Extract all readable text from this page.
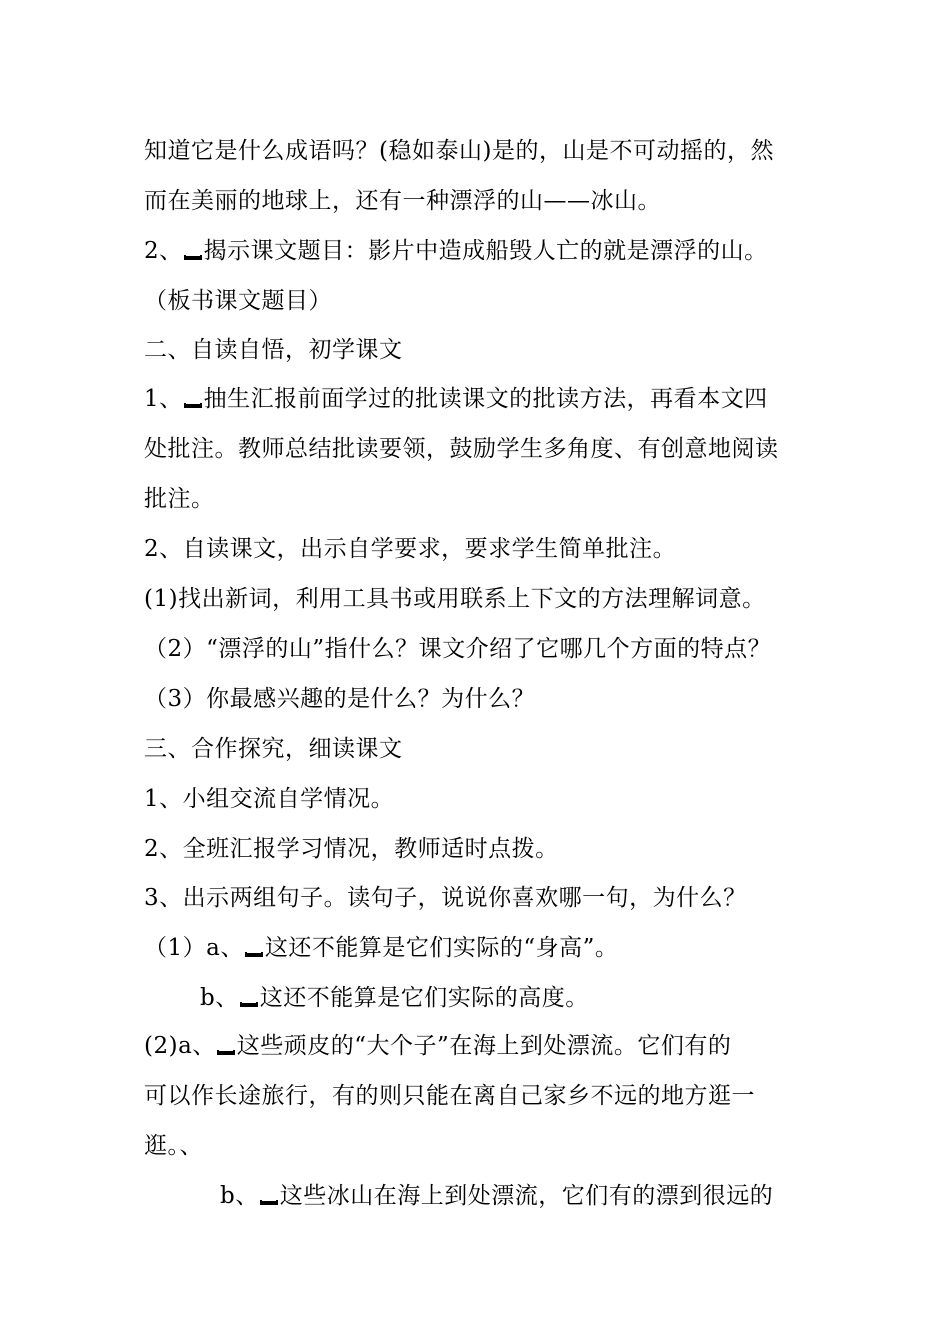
知道它是什么成语吗？(稳如泰山)是的，山是不可动摇的，然
而在美丽的地球上，还有一种漂浮的山——冰山。
2、 揭示课文题目：影片中造成船毁人亡的就是漂浮的山。
（板书课文题目）
二、自读自悟，初学课文
1、 抽生汇报前面学过的批读课文的批读方法，再看本文四
处批注。教师总结批读要领，鼓励学生多角度、有创意地阅读
批注。
2、自读课文，出示自学要求，要求学生简单批注。
(1)找出新词，利用工具书或用联系上下文的方法理解词意。
（2）“漂浮的山”指什么？课文介绍了它哪几个方面的特点？
（3）你最感兴趣的是什么？为什么？
三、合作探究，细读课文
1、小组交流自学情况。
2、全班汇报学习情况，教师适时点拨。
3、出示两组句子。读句子，说说你喜欢哪一句，为什么？
（1）a、 这还不能算是它们实际的“身高”。
b、 这还不能算是它们实际的高度。
(2)a、 这些顽皮的“大个子”在海上到处漂流。它们有的
可以作长途旅行，有的则只能在离自己家乡不远的地方逛一
逛。、
b、 这些冰山在海上到处漂流，它们有的漂到很远的
